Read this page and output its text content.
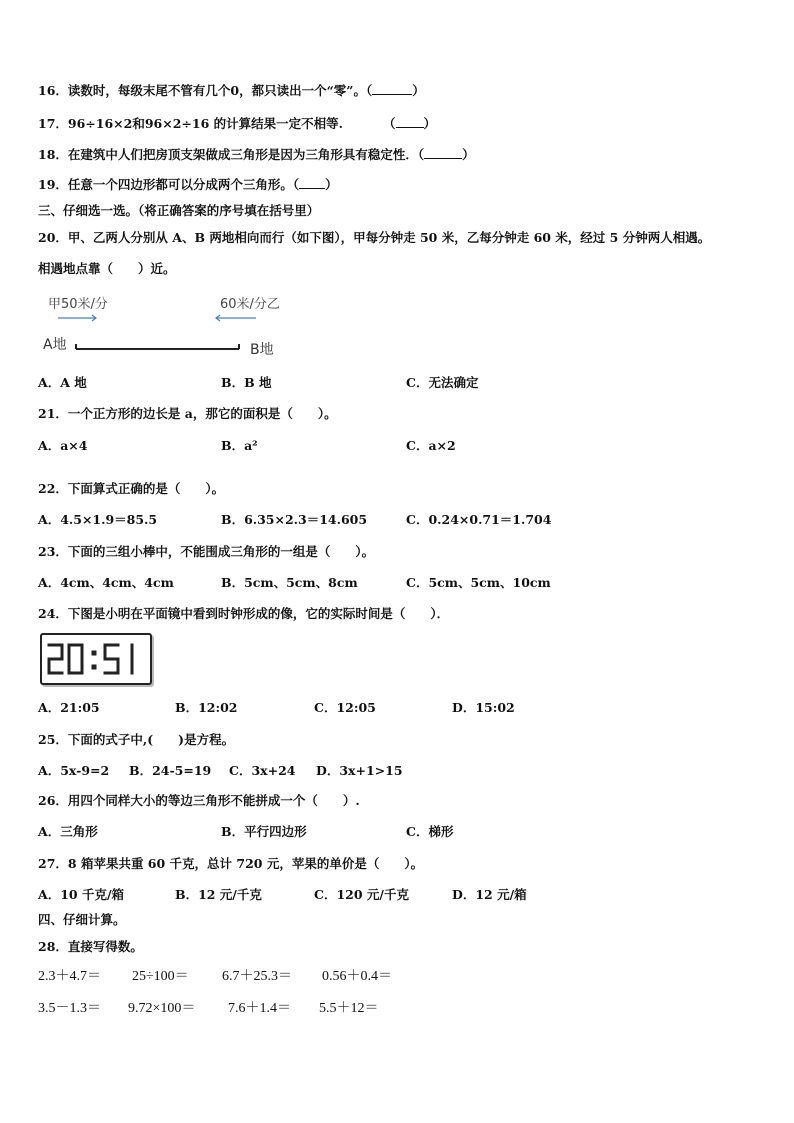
16．读数时，每级末尾不管有几个0，都只读出一个“零”。（	）
17．96÷16×2和96×2÷16 的计算结果一定不相等.	（ ）
18．在建筑中人们把房顶支架做成三角形是因为三角形具有稳定性．（	）
19．任意一个四边形都可以分成两个三角形。（ ）
三、仔细选一选。（将正确答案的序号填在括号里）
20．甲、乙两人分别从 A、B 两地相向而行（如下图），甲每分钟走 50 米，乙每分钟走 60 米，经过 5 分钟两人相遇。
相遇地点靠（　　）近。
甲50米/分	60米/分乙
A地	B地
A．A 地	B．B 地	C．无法确定
21．一个正方形的边长是 a，那它的面积是（　　）。
A．a×4	B．a²	C．a×2
22．下面算式正确的是（　　）。
A．4.5×1.9＝85.5	B．6.35×2.3＝14.605	C．0.24×0.71＝1.704
23．下面的三组小棒中，不能围成三角形的一组是（　　）。
A．4cm、4cm、4cm	B．5cm、5cm、8cm	C．5cm、5cm、10cm
24．下图是小明在平面镜中看到时钟形成的像，它的实际时间是（　　）．
A．21:05	B．12:02	C．12:05	D．15:02
25．下面的式子中,(　　)是方程。
A．5x-9=2 B．24-5=19 C．3x+24 D．3x+1>15
26．用四个同样大小的等边三角形不能拼成一个（　　）.
A．三角形	B．平行四边形	C．梯形
27．8 箱苹果共重 60 千克，总计 720 元，苹果的单价是（　　）。
A．10 千克/箱	B．12 元/千克	C．120 元/千克	D．12 元/箱
四、仔细计算。
28．直接写得数。
2.3＋4.7＝ 25÷100＝ 6.7＋25.3＝ 0.56＋0.4＝
3.5－1.3＝ 9.72×100＝ 7.6＋1.4＝ 5.5＋12＝
